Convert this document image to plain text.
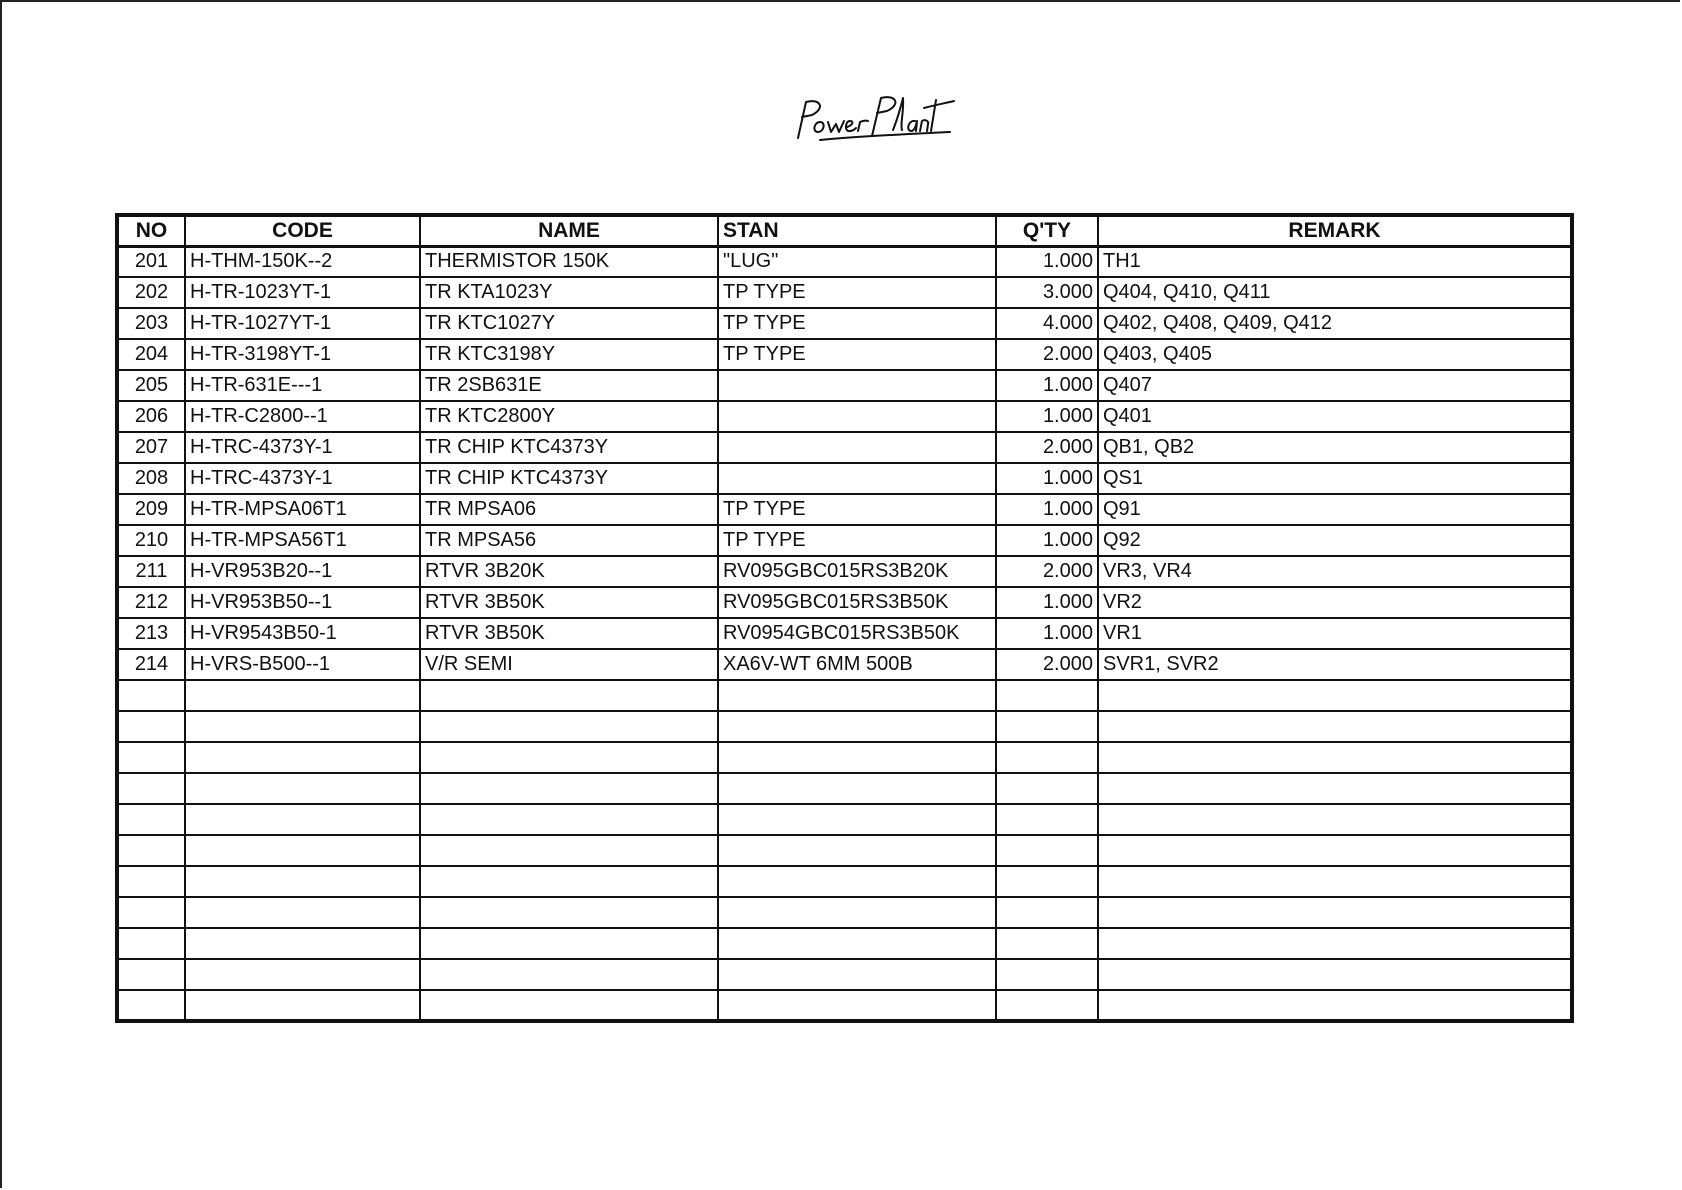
NO	CODE	NAME	STAN	Q'TY	REMARK
201	H-THM-150K--2	THERMISTOR 150K	"LUG"	1.000	TH1
202	H-TR-1023YT-1	TR KTA1023Y	TP TYPE	3.000	Q404, Q410, Q411
203	H-TR-1027YT-1	TR KTC1027Y	TP TYPE	4.000	Q402, Q408, Q409, Q412
204	H-TR-3198YT-1	TR KTC3198Y	TP TYPE	2.000	Q403, Q405
205	H-TR-631E---1	TR 2SB631E		1.000	Q407
206	H-TR-C2800--1	TR KTC2800Y		1.000	Q401
207	H-TRC-4373Y-1	TR CHIP KTC4373Y		2.000	QB1, QB2
208	H-TRC-4373Y-1	TR CHIP KTC4373Y		1.000	QS1
209	H-TR-MPSA06T1	TR MPSA06	TP TYPE	1.000	Q91
210	H-TR-MPSA56T1	TR MPSA56	TP TYPE	1.000	Q92
211	H-VR953B20--1	RTVR 3B20K	RV095GBC015RS3B20K	2.000	VR3, VR4
212	H-VR953B50--1	RTVR 3B50K	RV095GBC015RS3B50K	1.000	VR2
213	H-VR9543B50-1	RTVR 3B50K	RV0954GBC015RS3B50K	1.000	VR1
214	H-VRS-B500--1	V/R SEMI	XA6V-WT 6MM 500B	2.000	SVR1, SVR2
